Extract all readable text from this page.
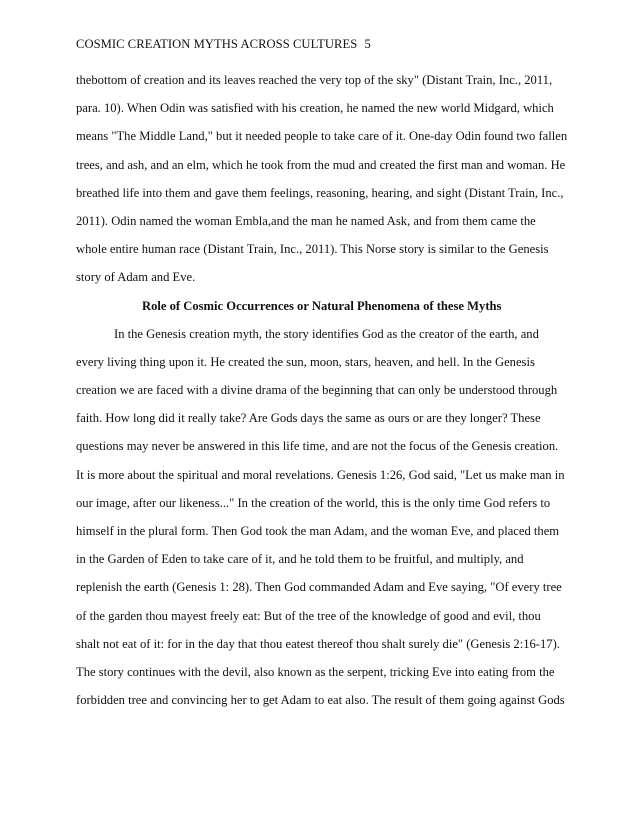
COSMIC CREATION MYTHS ACROSS CULTURES 5
thebottom of creation and its leaves reached the very top of the sky" (Distant Train, Inc., 2011,
para. 10). When Odin was satisfied with his creation, he named the new world Midgard, which
means "The Middle Land," but it needed people to take care of it. One-day Odin found two fallen
trees, and ash, and an elm, which he took from the mud and created the first man and woman. He
breathed life into them and gave them feelings, reasoning, hearing, and sight (Distant Train, Inc.,
2011). Odin named the woman Embla,and the man he named Ask, and from them came the
whole entire human race (Distant Train, Inc., 2011). This Norse story is similar to the Genesis
story of Adam and Eve.
Role of Cosmic Occurrences or Natural Phenomena of these Myths
In the Genesis creation myth, the story identifies God as the creator of the earth, and
every living thing upon it. He created the sun, moon, stars, heaven, and hell. In the Genesis
creation we are faced with a divine drama of the beginning that can only be understood through
faith. How long did it really take? Are Gods days the same as ours or are they longer? These
questions may never be answered in this life time, and are not the focus of the Genesis creation.
It is more about the spiritual and moral revelations. Genesis 1:26, God said, "Let us make man in
our image, after our likeness..." In the creation of the world, this is the only time God refers to
himself in the plural form. Then God took the man Adam, and the woman Eve, and placed them
in the Garden of Eden to take care of it, and he told them to be fruitful, and multiply, and
replenish the earth (Genesis 1: 28). Then God commanded Adam and Eve saying, "Of every tree
of the garden thou mayest freely eat: But of the tree of the knowledge of good and evil, thou
shalt not eat of it: for in the day that thou eatest thereof thou shalt surely die" (Genesis 2:16-17).
The story continues with the devil, also known as the serpent, tricking Eve into eating from the
forbidden tree and convincing her to get Adam to eat also. The result of them going against Gods
